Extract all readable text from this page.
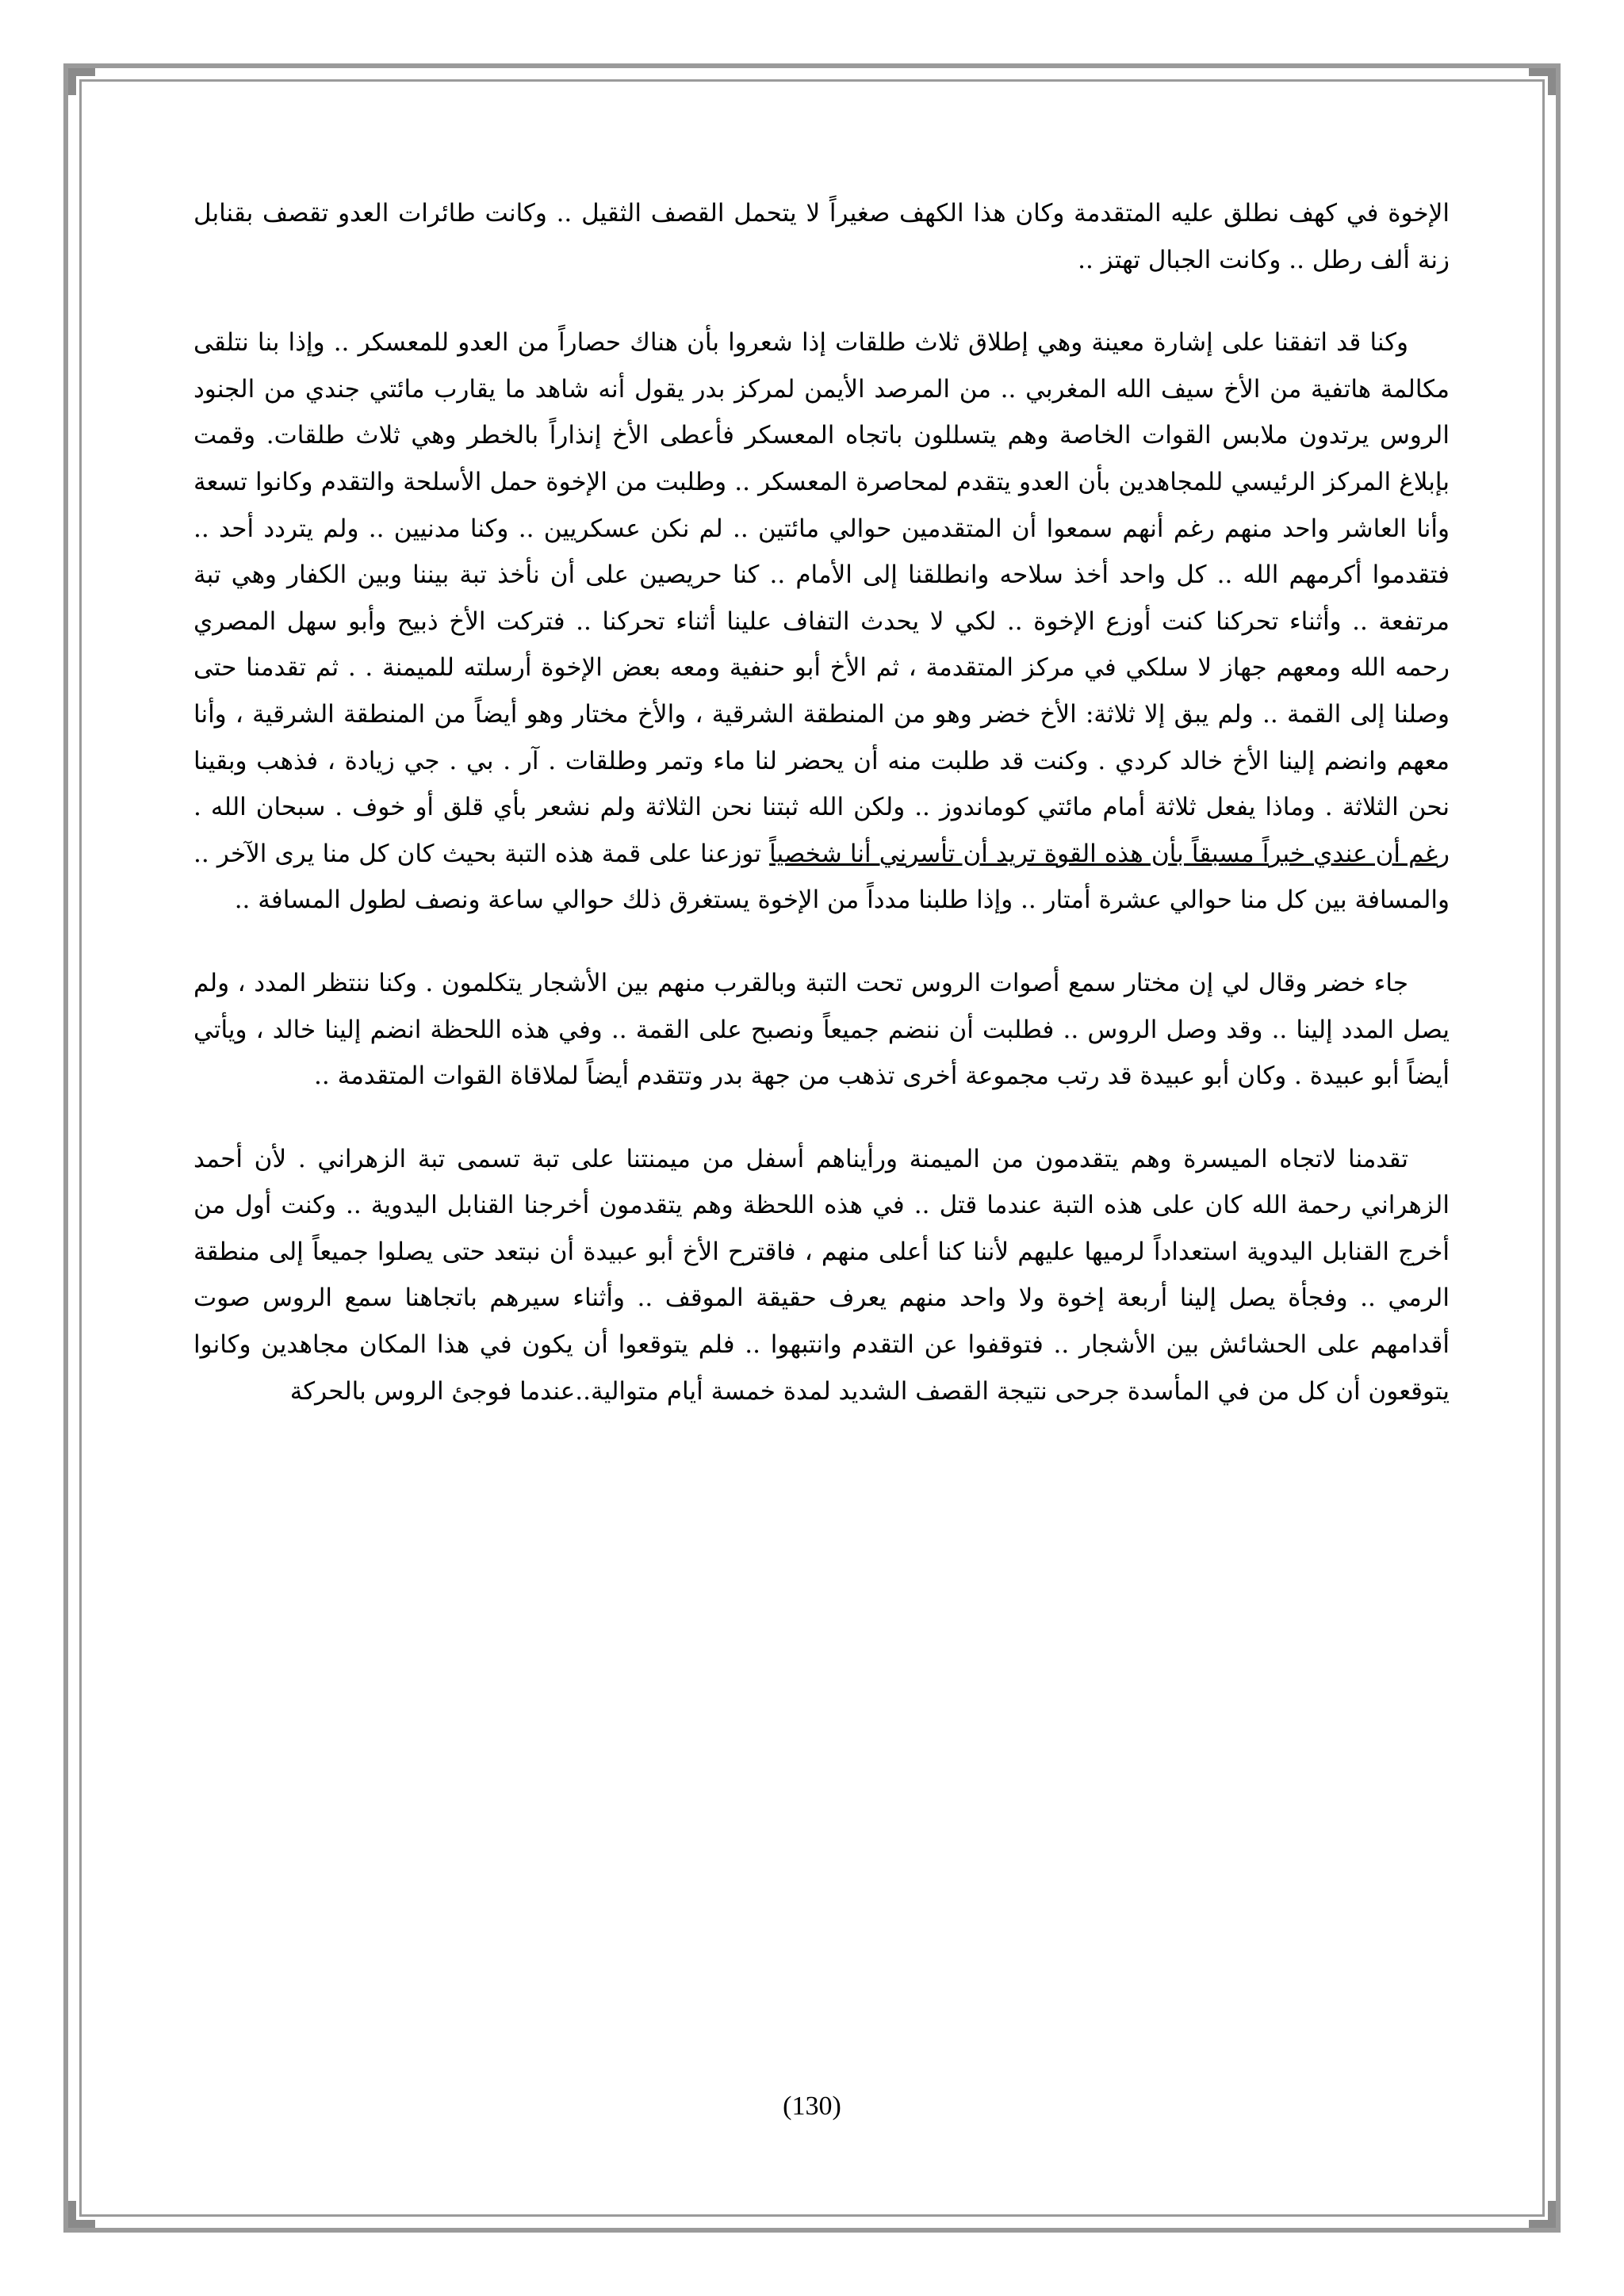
الإخوة في كهف نطلق عليه المتقدمة وكان هذا الكهف صغيراً لا يتحمل القصف الثقيل .. وكانت طائرات العدو تقصف بقنابل زنة ألف رطل .. وكانت الجبال تهتز ..

وكنا قد اتفقنا على إشارة معينة وهي إطلاق ثلاث طلقات إذا شعروا بأن هناك حصاراً من العدو للمعسكر .. وإذا بنا نتلقى مكالمة هاتفية من الأخ سيف الله المغربي .. من المرصد الأيمن لمركز بدر يقول أنه شاهد ما يقارب مائتي جندي من الجنود الروس يرتدون ملابس القوات الخاصة وهم يتسللون باتجاه المعسكر فأعطى الأخ إنذاراً بالخطر وهي ثلاث طلقات. وقمت بإبلاغ المركز الرئيسي للمجاهدين بأن العدو يتقدم لمحاصرة المعسكر .. وطلبت من الإخوة حمل الأسلحة والتقدم وكانوا تسعة وأنا العاشر واحد منهم رغم أنهم سمعوا أن المتقدمين حوالي مائتين .. لم نكن عسكريين .. وكنا مدنيين .. ولم يتردد أحد .. فتقدموا أكرمهم الله .. كل واحد أخذ سلاحه وانطلقنا إلى الأمام .. كنا حريصين على أن نأخذ تبة بيننا وبين الكفار وهي تبة مرتفعة .. وأثناء تحركنا كنت أوزع الإخوة .. لكي لا يحدث التفاف علينا أثناء تحركنا .. فتركت الأخ ذبيح وأبو سهل المصري رحمه الله ومعهم جهاز لا سلكي في مركز المتقدمة ، ثم الأخ أبو حنفية ومعه بعض الإخوة أرسلته للميمنة . . ثم تقدمنا حتى وصلنا إلى القمة .. ولم يبق إلا ثلاثة: الأخ خضر وهو من المنطقة الشرقية ، والأخ مختار وهو أيضاً من المنطقة الشرقية ، وأنا معهم وانضم إلينا الأخ خالد كردي . وكنت قد طلبت منه أن يحضر لنا ماء وتمر وطلقات . آر . بي . جي زيادة ، فذهب وبقينا نحن الثلاثة . وماذا يفعل ثلاثة أمام مائتي كوماندوز .. ولكن الله ثبتنا نحن الثلاثة ولم نشعر بأي قلق أو خوف . سبحان الله . رغم أن عندي خبراً مسبقاً بأن هذه القوة تريد أن تأسرني أنا شخصياً توزعنا على قمة هذه التبة بحيث كان كل منا يرى الآخر .. والمسافة بين كل منا حوالي عشرة أمتار .. وإذا طلبنا مدداً من الإخوة يستغرق ذلك حوالي ساعة ونصف لطول المسافة ..

جاء خضر وقال لي إن مختار سمع أصوات الروس تحت التبة وبالقرب منهم بين الأشجار يتكلمون . وكنا ننتظر المدد ، ولم يصل المدد إلينا .. وقد وصل الروس .. فطلبت أن ننضم جميعاً ونصبح على القمة .. وفي هذه اللحظة انضم إلينا خالد ، ويأتي أيضاً أبو عبيدة . وكان أبو عبيدة قد رتب مجموعة أخرى تذهب من جهة بدر وتتقدم أيضاً لملاقاة القوات المتقدمة ..

تقدمنا لاتجاه الميسرة وهم يتقدمون من الميمنة ورأيناهم أسفل من ميمنتنا على تبة تسمى تبة الزهراني . لأن أحمد الزهراني رحمة الله كان على هذه التبة عندما قتل .. في هذه اللحظة وهم يتقدمون أخرجنا القنابل اليدوية .. وكنت أول من أخرج القنابل اليدوية استعداداً لرميها عليهم لأننا كنا أعلى منهم ، فاقترح الأخ أبو عبيدة أن نبتعد حتى يصلوا جميعاً إلى منطقة الرمي .. وفجأة يصل إلينا أربعة إخوة ولا واحد منهم يعرف حقيقة الموقف .. وأثناء سيرهم باتجاهنا سمع الروس صوت أقدامهم على الحشائش بين الأشجار .. فتوقفوا عن التقدم وانتبهوا .. فلم يتوقعوا أن يكون في هذا المكان مجاهدين وكانوا يتوقعون أن كل من في المأسدة جرحى نتيجة القصف الشديد لمدة خمسة أيام متوالية..عندما فوجئ الروس بالحركة

(130)
